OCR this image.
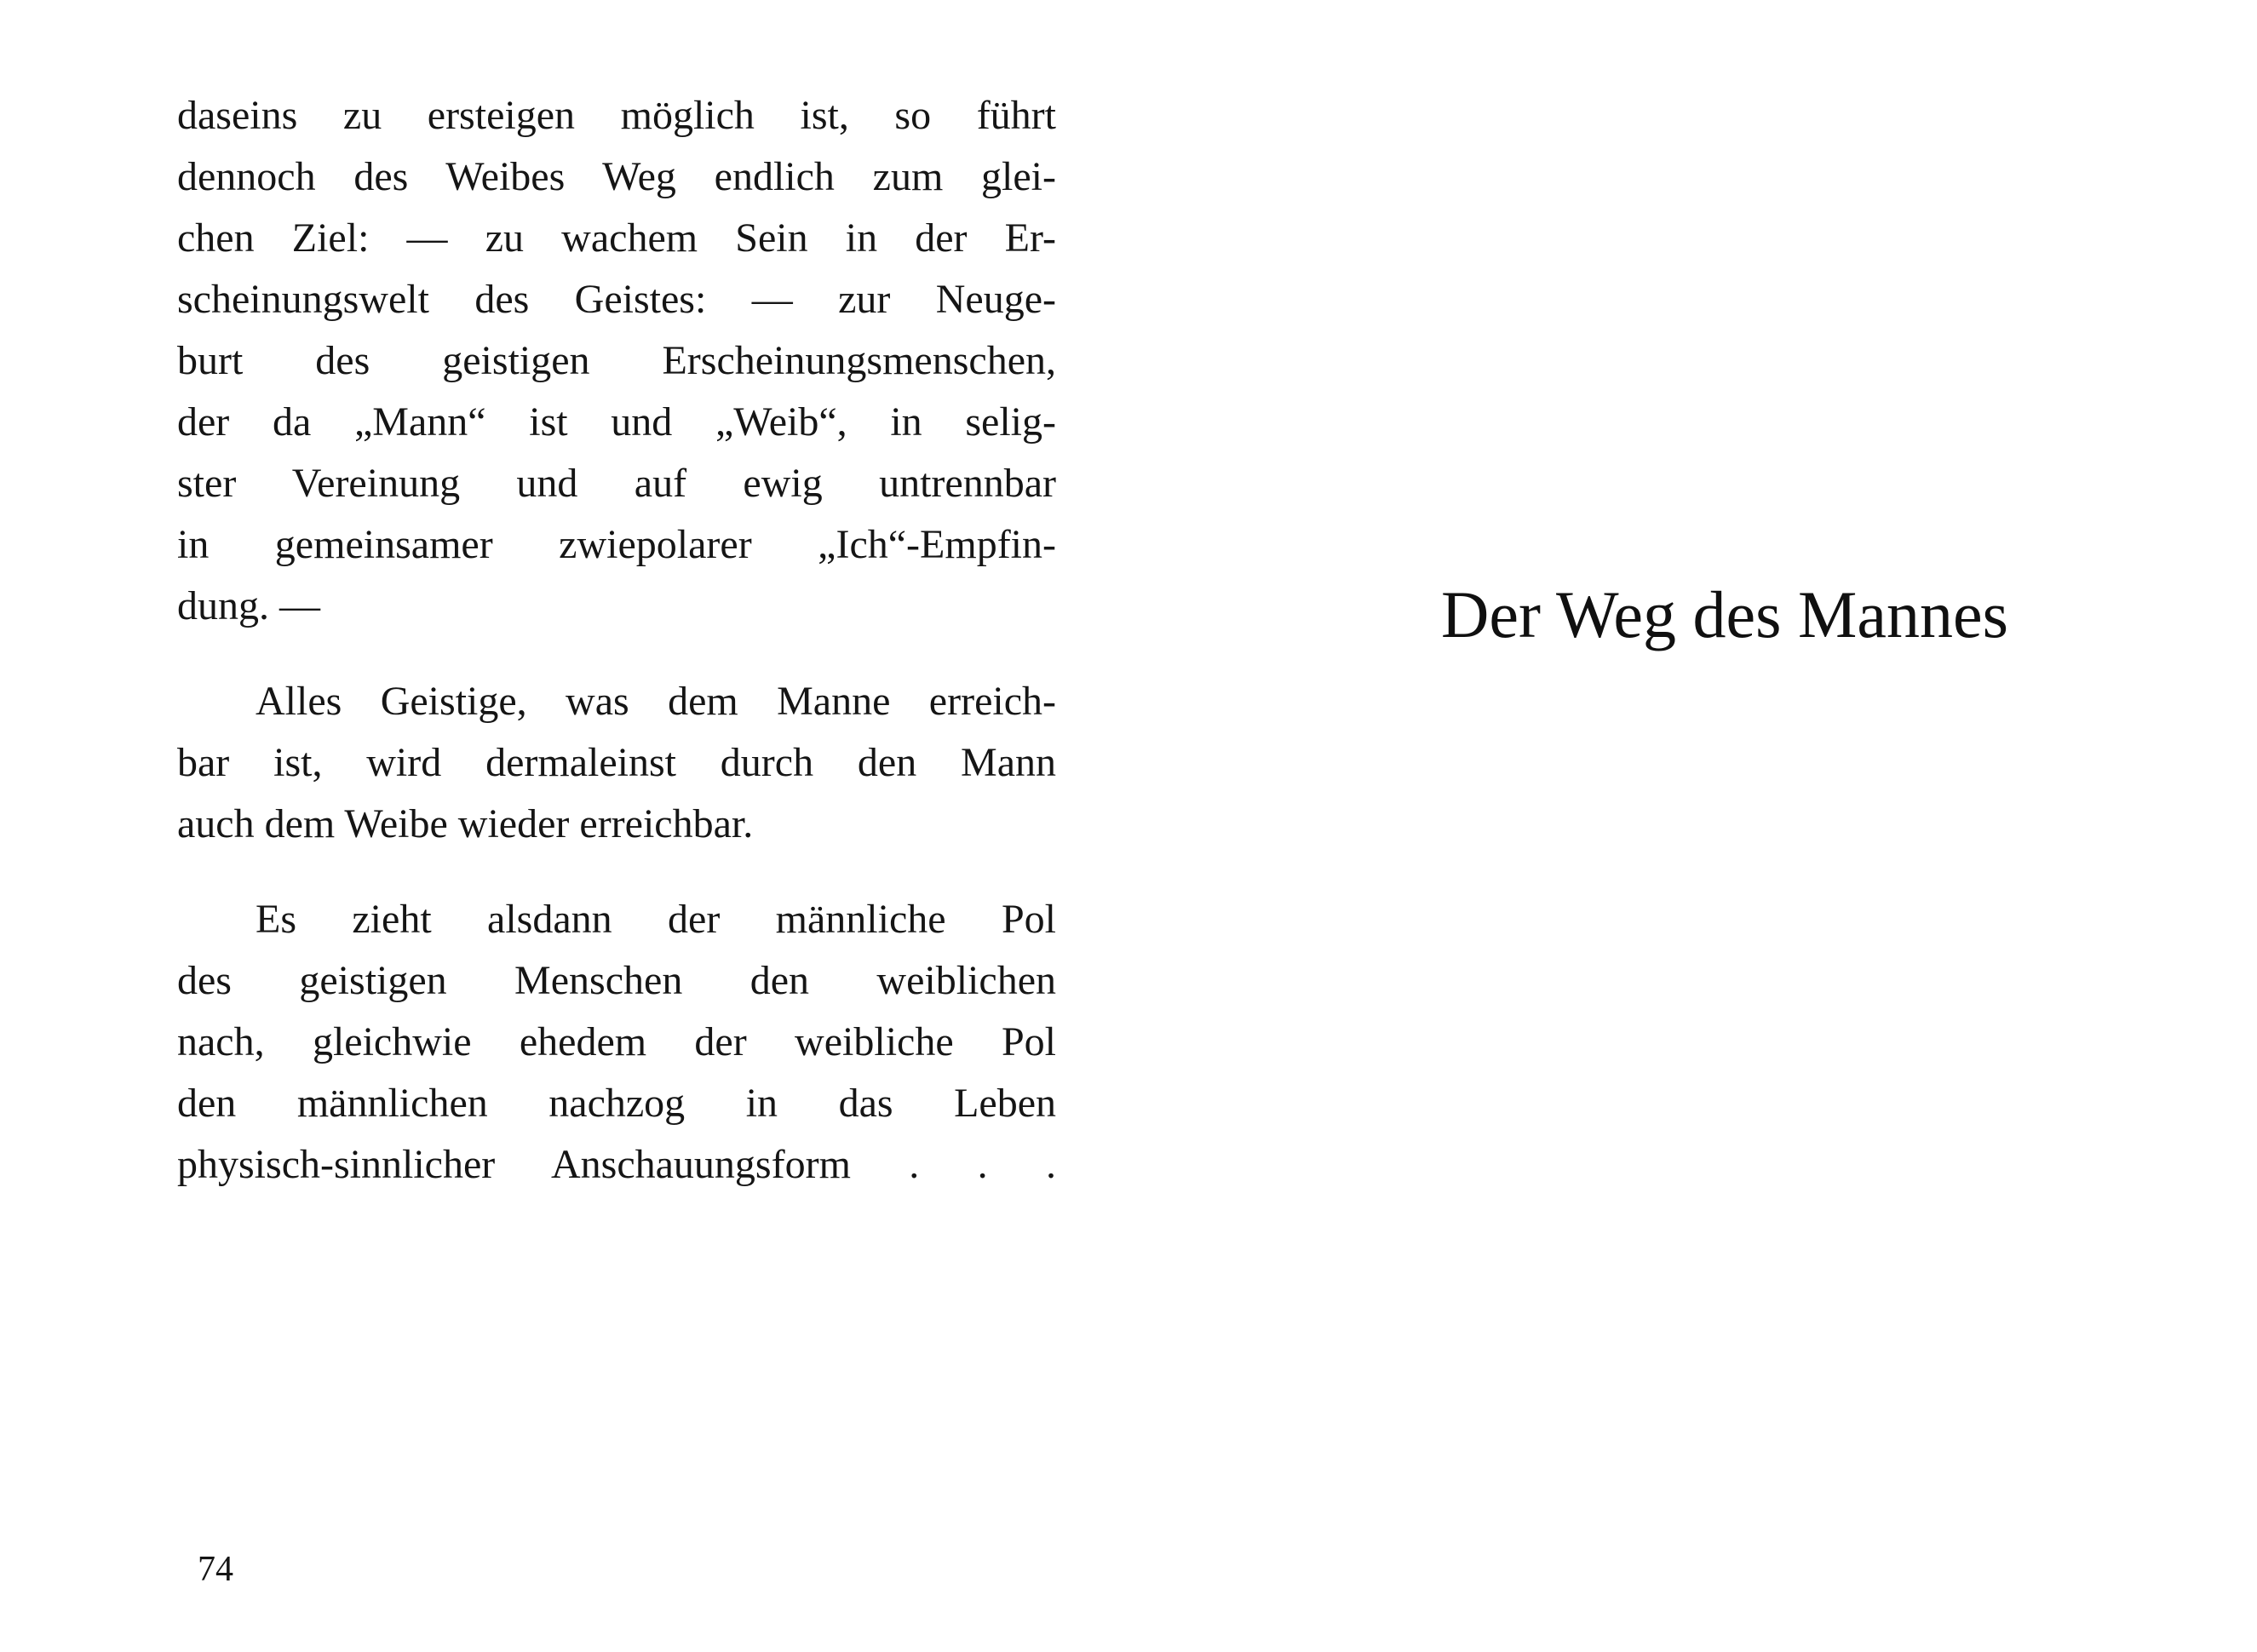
daseins zu ersteigen möglich ist, so führt
dennoch des Weibes Weg endlich zum glei-
chen Ziel: — zu wachem Sein in der Er-
scheinungswelt des Geistes: — zur Neuge-
burt des geistigen Erscheinungsmenschen,
der da „Mann“ ist und „Weib“, in selig-
ster Vereinung und auf ewig untrennbar
in gemeinsamer zwiepolarer „Ich“-Empfin-
dung. —

Alles Geistige, was dem Manne erreich-
bar ist, wird dermaleinst durch den Mann
auch dem Weibe wieder erreichbar.

Es zieht alsdann der männliche Pol
des geistigen Menschen den weiblichen
nach, gleichwie ehedem der weibliche Pol
den männlichen nachzog in das Leben
physisch-sinnlicher Anschauungsform . . .

74
Der Weg des Mannes
